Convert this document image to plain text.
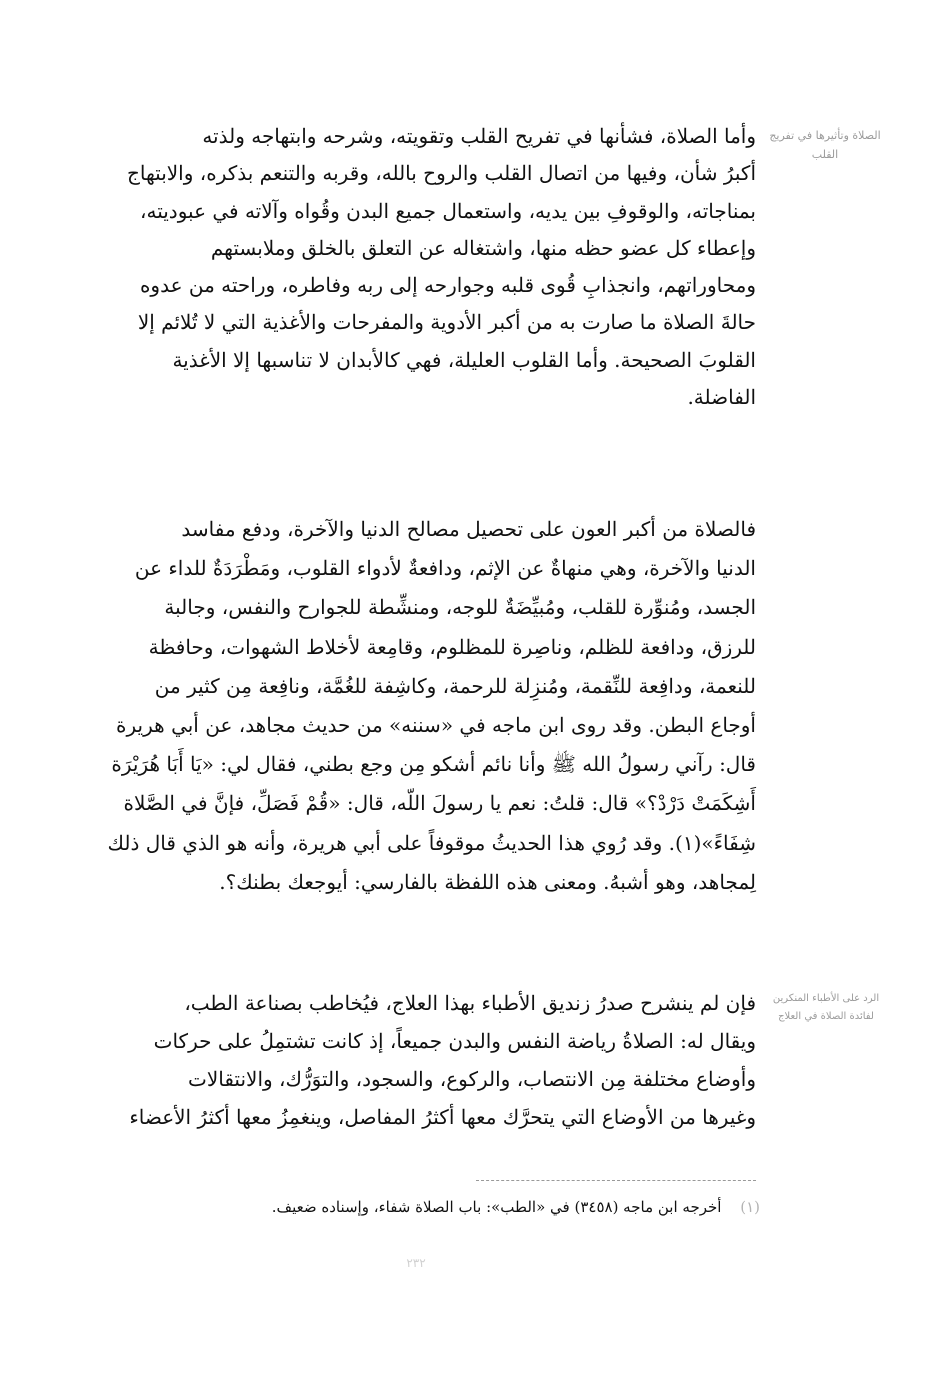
الصلاة وتأثيرها في تفريج القلب
الرد على الأطباء المنكرين لفائدة الصلاة في العلاج
وأما الصلاة، فشأنها في تفريح القلب وتقويته، وشرحه وابتهاجه ولذته
أكبرُ شأن، وفيها من اتصال القلب والروح بالله، وقربه والتنعم بذكره، والابتهاج
بمناجاته، والوقوفِ بين يديه، واستعمال جميع البدن وقُواه وآلاته في عبوديته،
وإعطاء كل عضو حظه منها، واشتغاله عن التعلق بالخلق وملابستهم
ومحاوراتهم، وانجذابِ قُوى قلبه وجوارحه إلى ربه وفاطره، وراحته من عدوه
حالةَ الصلاة ما صارت به من أكبر الأدوية والمفرحات والأغذية التي لا تُلائم إلا
القلوبَ الصحيحة. وأما القلوب العليلة، فهي كالأبدان لا تناسبها إلا الأغذية
الفاضلة.
فالصلاة من أكبر العون على تحصيل مصالح الدنيا والآخرة، ودفع مفاسد
الدنيا والآخرة، وهي منهاةٌ عن الإثم، ودافعةٌ لأدواء القلوب، ومَطْرَدَةٌ للداء عن
الجسد، ومُنوِّرة للقلب، ومُبيِّضَةٌ للوجه، ومنشِّطة للجوارح والنفس، وجالبة
للرزق، ودافعة للظلم، وناصِرة للمظلوم، وقامِعة لأخلاط الشهوات، وحافظة
للنعمة، ودافِعة للنِّقمة، ومُنزِلة للرحمة، وكاشِفة للغُمَّة، ونافِعة مِن كثير من
أوجاع البطن. وقد روى ابن ماجه في «سننه» من حديث مجاهد، عن أبي هريرة
قال: رآني رسولُ الله ﷺ وأنا نائم أشكو مِن وجع بطني، فقال لي: «يَا أَبَا هُرَيْرَة
أَشِكَمَتْ دَرْدْ؟» قال: قلتُ: نعم يا رسولَ اللّه، قال: «قُمْ فَصَلِّ، فإنَّ في الصَّلاة
شِفَاءً»(١). وقد رُوي هذا الحديثُ موقوفاً على أبي هريرة، وأنه هو الذي قال ذلك
لِمجاهد، وهو أشبهُ. ومعنى هذه اللفظة بالفارسي: أيوجعك بطنك؟.
فإن لم ينشرح صدرُ زنديق الأطباء بهذا العلاج، فيُخاطب بصناعة الطب،
ويقال له: الصلاةُ رياضة النفس والبدن جميعاً، إذ كانت تشتمِلُ على حركات
وأوضاع مختلفة مِن الانتصاب، والركوع، والسجود، والتوَرُّك، والانتقالات
وغيرها من الأوضاع التي يتحرَّك معها أكثرُ المفاصل، وينغمِزُ معها أكثرُ الأعضاء
(١) أخرجه ابن ماجه (٣٤٥٨) في «الطب»: باب الصلاة شفاء، وإسناده ضعيف.
٢٣٢
